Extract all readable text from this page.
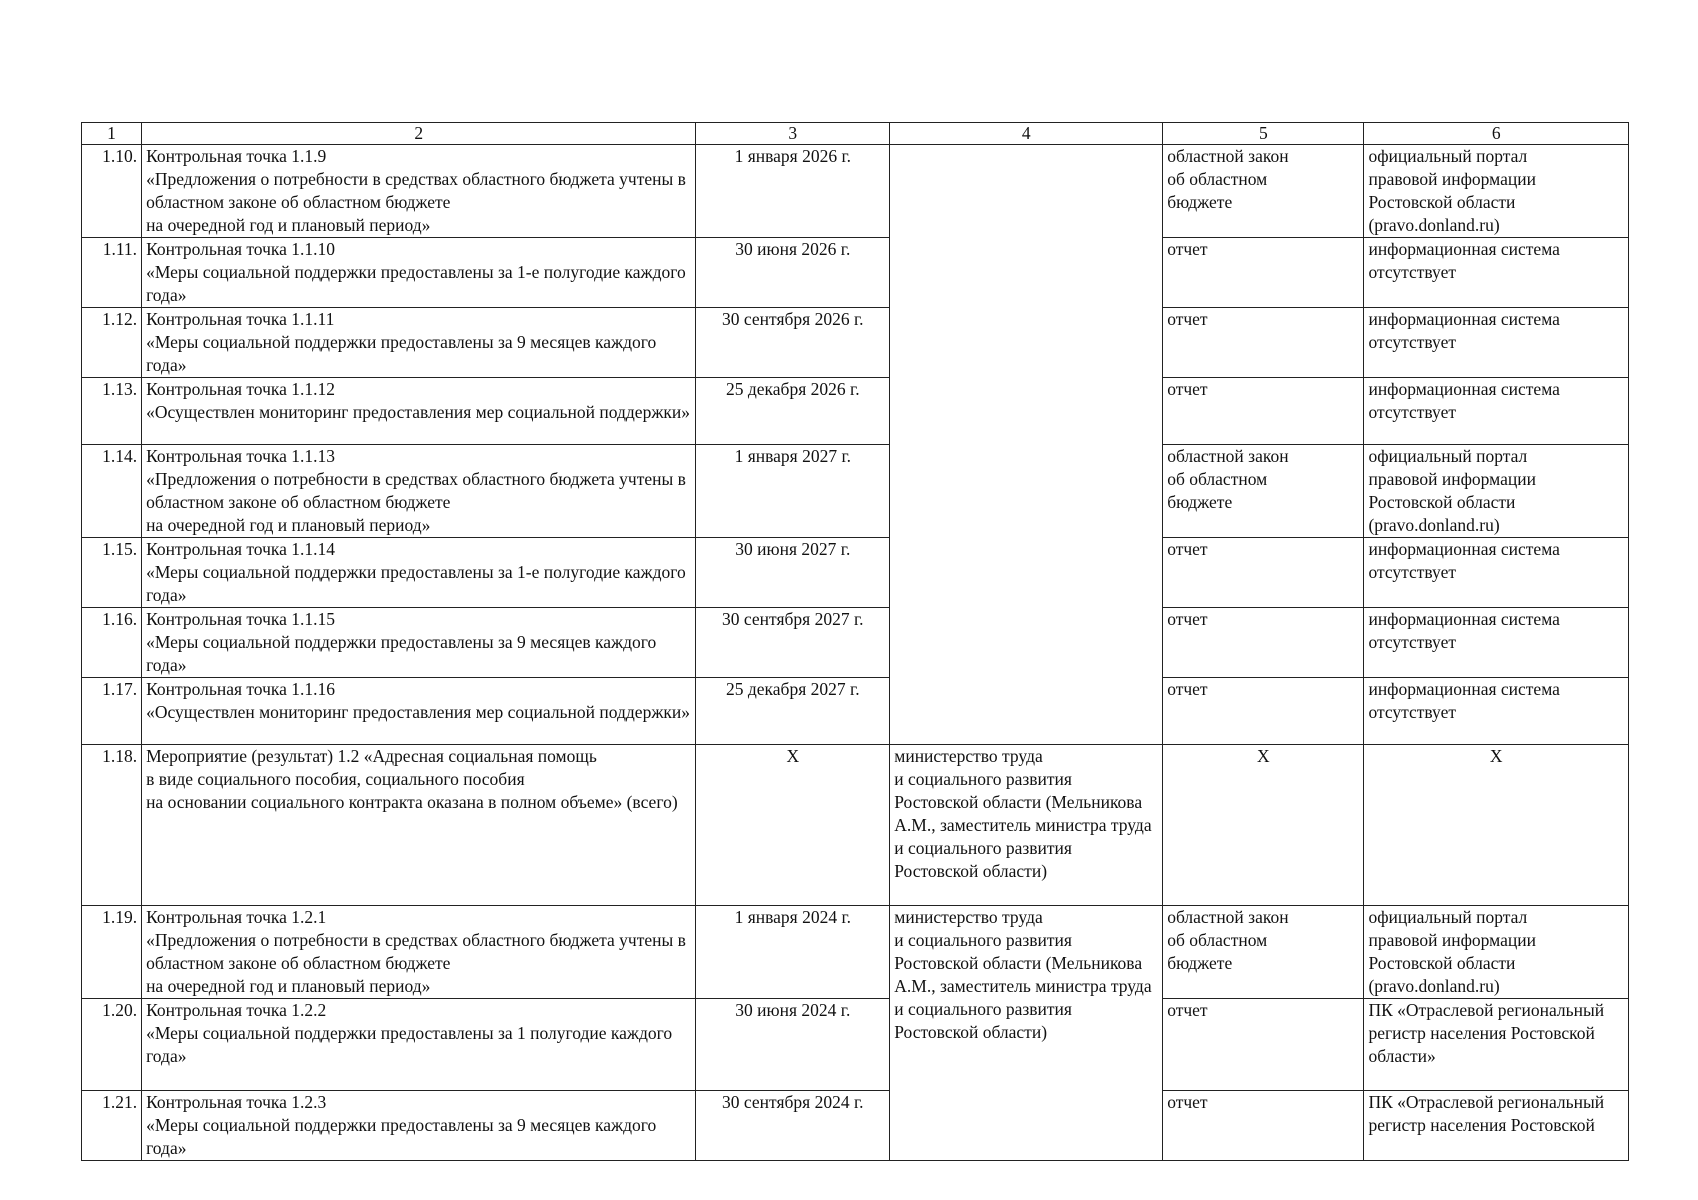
1	2	3	4	5	6
1.10.	Контрольная точка 1.1.9
«Предложения о потребности в средствах областного бюджета учтены в областном законе об областном бюджете
на очередной год и плановый период»	1 января 2026 г.		областной закон
об областном
бюджете	официальный портал
правовой информации
Ростовской области
(pravo.donland.ru)
1.11.	Контрольная точка 1.1.10
«Меры социальной поддержки предоставлены за 1-е полугодие каждого года»	30 июня 2026 г.		отчет	информационная система отсутствует
1.12.	Контрольная точка 1.1.11
«Меры социальной поддержки предоставлены за 9 месяцев каждого года»	30 сентября 2026 г.		отчет	информационная система отсутствует
1.13.	Контрольная точка 1.1.12
«Осуществлен мониторинг предоставления мер социальной поддержки»	25 декабря 2026 г.		отчет	информационная система отсутствует
1.14.	Контрольная точка 1.1.13
«Предложения о потребности в средствах областного бюджета учтены в областном законе об областном бюджете
на очередной год и плановый период»	1 января 2027 г.		областной закон
об областном
бюджете	официальный портал
правовой информации
Ростовской области
(pravo.donland.ru)
1.15.	Контрольная точка 1.1.14
«Меры социальной поддержки предоставлены за 1-е полугодие каждого года»	30 июня 2027 г.		отчет	информационная система отсутствует
1.16.	Контрольная точка 1.1.15
«Меры социальной поддержки предоставлены за 9 месяцев каждого года»	30 сентября 2027 г.		отчет	информационная система отсутствует
1.17.	Контрольная точка 1.1.16
«Осуществлен мониторинг предоставления мер социальной поддержки»	25 декабря 2027 г.		отчет	информационная система отсутствует
1.18.	Мероприятие (результат) 1.2 «Адресная социальная помощь
в виде социального пособия, социального пособия
на основании социального контракта оказана в полном объеме» (всего)	Х	министерство труда
и социального развития Ростовской области (Мельникова А.М., заместитель министра труда
и социального развития Ростовской области)	Х	Х
1.19.	Контрольная точка 1.2.1
«Предложения о потребности в средствах областного бюджета учтены в областном законе об областном бюджете
на очередной год и плановый период»	1 января 2024 г.	министерство труда
и социального развития Ростовской области (Мельникова А.М., заместитель министра труда
и социального развития Ростовской области)	областной закон
об областном
бюджете	официальный портал
правовой информации
Ростовской области
(pravo.donland.ru)
1.20.	Контрольная точка 1.2.2
«Меры социальной поддержки предоставлены за 1 полугодие каждого года»	30 июня 2024 г.		отчет	ПК «Отраслевой региональный регистр населения Ростовской области»
1.21.	Контрольная точка 1.2.3
«Меры социальной поддержки предоставлены за 9 месяцев каждого года»	30 сентября 2024 г.		отчет	ПК «Отраслевой региональный регистр населения Ростовской
